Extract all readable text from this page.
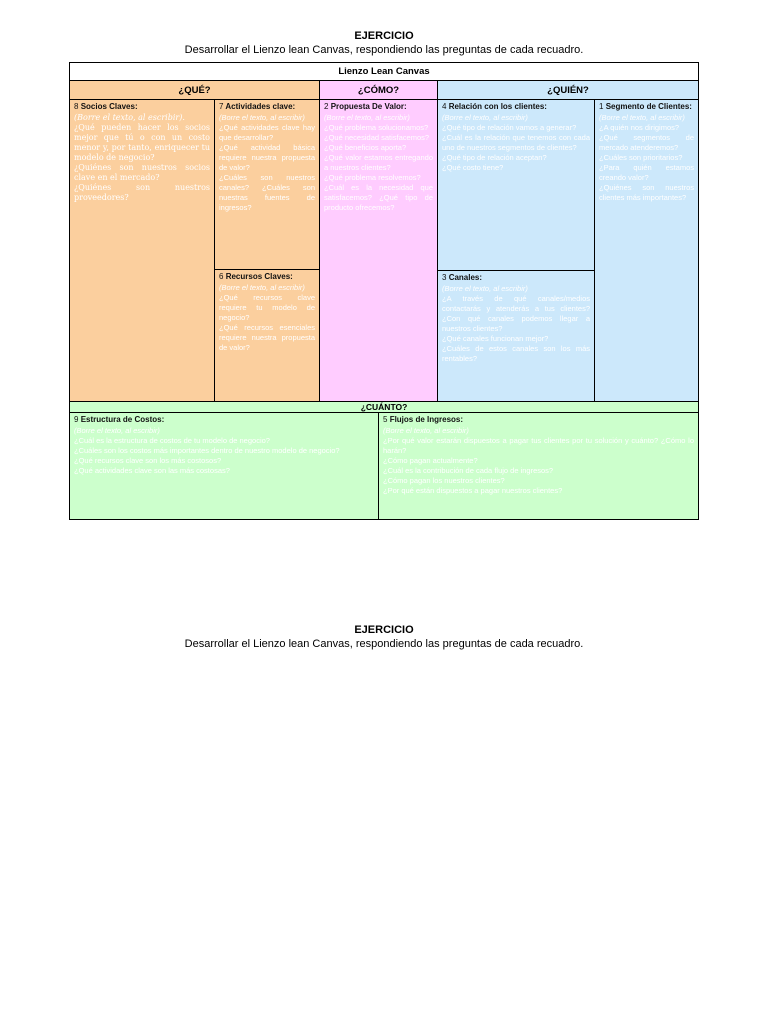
EJERCICIO
Desarrollar el Lienzo lean Canvas, respondiendo las preguntas de cada recuadro.
Lienzo Lean Canvas
¿QUÉ?	¿CÓMO?	¿QUIÉN?
8 Socios Claves:
(Borre el texto, al escribir).
¿Qué pueden hacer los socios mejor que tú o con un costo menor y, por tanto, enriquecer tu modelo de negocio?
¿Quiénes son nuestros socios clave en el mercado?
¿Quiénes son nuestros proveedores?
7 Actividades clave:
(Borre el texto, al escribir)
¿Qué actividades clave hay que desarrollar?
¿Qué actividad básica requiere nuestra propuesta de valor?
¿Cuáles son nuestros canales? ¿Cuáles son nuestras fuentes de ingresos?
6 Recursos Claves:
(Borre el texto, al escribir)
¿Qué recursos clave requiere tu modelo de negocio?
¿Qué recursos esenciales requiere nuestra propuesta de valor?
2 Propuesta De Valor:
(Borre el texto, al escribir)
¿Qué problema solucionamos?
¿Qué necesidad satisfacemos?
¿Qué beneficios aporta?
¿Qué valor estamos entregando a nuestros clientes?
¿Qué problema resolvemos?
¿Cuál es la necesidad que satisfacemos? ¿Qué tipo de producto ofrecemos?
4 Relación con los clientes:
(Borre el texto, al escribir)
¿Qué tipo de relación vamos a generar?
¿Cuál es la relación que tenemos con cada uno de nuestros segmentos de clientes?
¿Qué tipo de relación aceptan?
¿Qué costo tiene?
3 Canales:
(Borre el texto, al escribir)
¿A través de qué canales/medios contactarás y atenderás a tus clientes? ¿Con qué canales podemos llegar a nuestros clientes?
¿Qué canales funcionan mejor?
¿Cuáles de estos canales son los más rentables?
1 Segmento de Clientes:
(Borre el texto, al escribir)
¿A quién nos dirigimos?
¿Qué segmentos de mercado atenderemos?
¿Cuáles son prioritarios?
¿Para quién estamos creando valor?
¿Quiénes son nuestros clientes más importantes?
¿CUÁNTO?
9 Estructura de Costos:
(Borre el texto, al escribir)
¿Cuál es la estructura de costos de tu modelo de negocio?
¿Cuáles son los costos más importantes dentro de nuestro modelo de negocio?
¿Qué recursos clave son los más costosos?
¿Qué actividades clave son las más costosas?
5 Flujos de Ingresos:
(Borre el texto, al escribir)
¿Por qué valor estarán dispuestos a pagar tus clientes por tu solución y cuánto? ¿Cómo lo harán?
¿Cómo pagan actualmente?
¿Cuál es la contribución de cada flujo de ingresos?
¿Cómo pagan los nuestros clientes?
¿Por qué están dispuestos a pagar nuestros clientes?
EJERCICIO
Desarrollar el Lienzo lean Canvas, respondiendo las preguntas de cada recuadro.
